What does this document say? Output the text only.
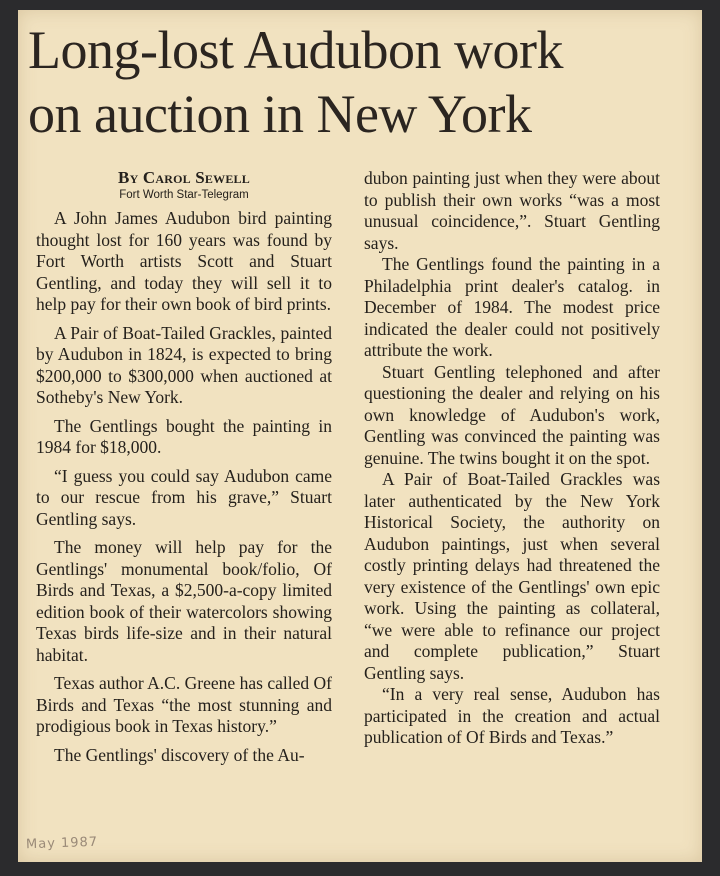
Long-lost Audubon work
on auction in New York

By Carol Sewell

Fort Worth Star-Telegram

A John James Audubon bird painting thought lost for 160 years was found by Fort Worth artists Scott and Stuart Gentling, and today they will sell it to help pay for their own book of bird prints.

A Pair of Boat-Tailed Grackles, painted by Audubon in 1824, is expected to bring $200,000 to $300,000 when auctioned at Sotheby's New York.

The Gentlings bought the painting in 1984 for $18,000.

“I guess you could say Audubon came to our rescue from his grave,” Stuart Gentling says.

The money will help pay for the Gentlings' monumental book/folio, Of Birds and Texas, a $2,500-a-copy limited edition book of their watercolors showing Texas birds life-size and in their natural habitat.

Texas author A.C. Greene has called Of Birds and Texas “the most stunning and prodigious book in Texas history.”

The Gentlings' discovery of the Au-

dubon painting just when they were about to publish their own works “was a most unusual coincidence,”. Stuart Gentling says.

The Gentlings found the painting in a Philadelphia print dealer's catalog. in December of 1984. The modest price indicated the dealer could not positively attribute the work.

Stuart Gentling telephoned and after questioning the dealer and relying on his own knowledge of Audubon's work, Gentling was convinced the painting was genuine. The twins bought it on the spot.

A Pair of Boat-Tailed Grackles was later authenticated by the New York Historical Society, the authority on Audubon paintings, just when several costly printing delays had threatened the very existence of the Gentlings' own epic work. Using the painting as collateral, “we were able to refinance our project and complete publication,” Stuart Gentling says.

“In a very real sense, Audubon has participated in the creation and actual publication of Of Birds and Texas.”

May 1987
